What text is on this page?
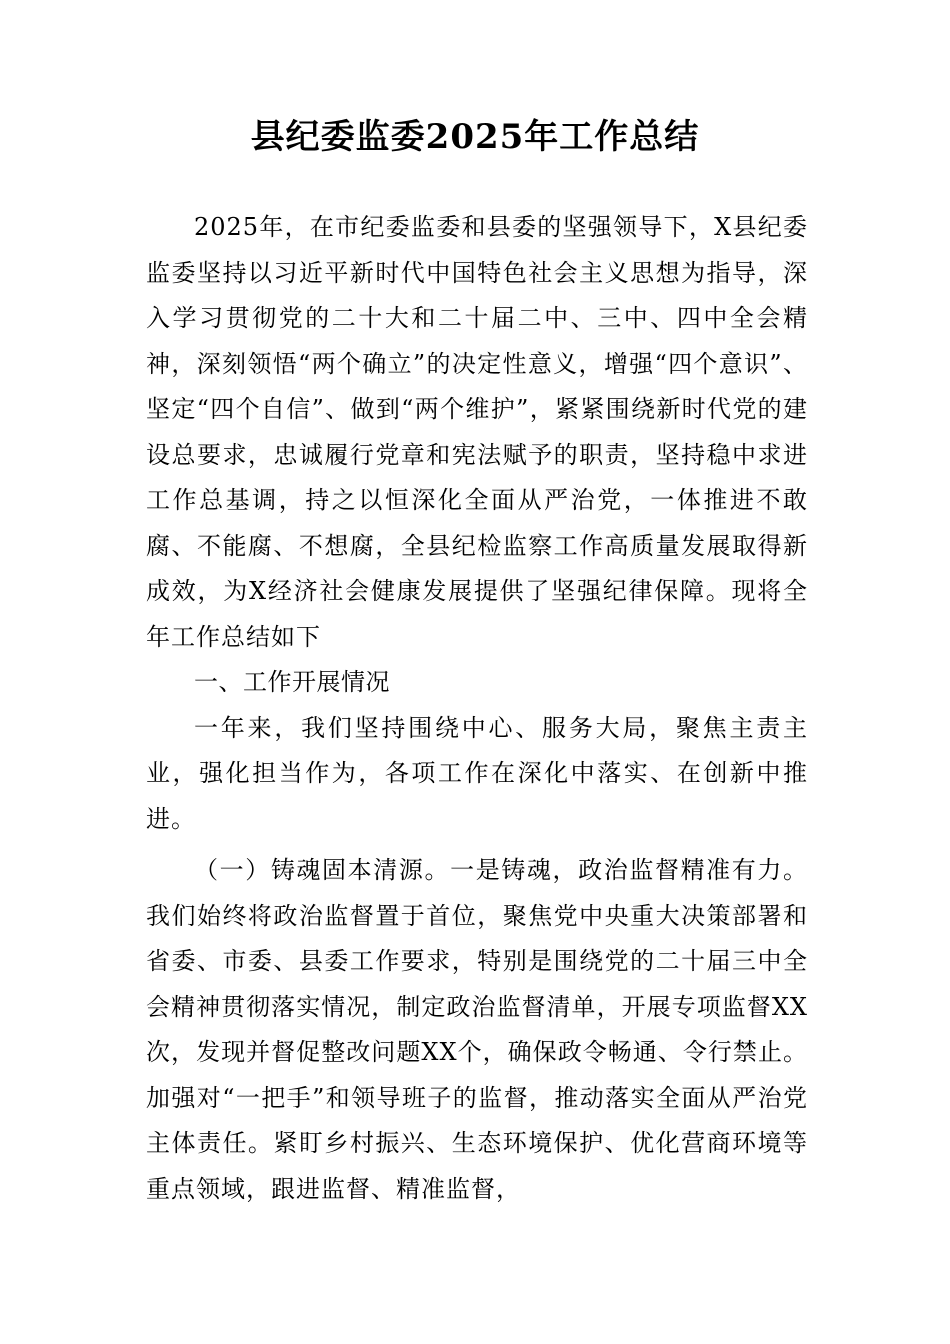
县纪委监委2025年工作总结

2025年，在市纪委监委和县委的坚强领导下，X县纪委监委坚持以习近平新时代中国特色社会主义思想为指导，深入学习贯彻党的二十大和二十届二中、三中、四中全会精神，深刻领悟“两个确立”的决定性意义，增强“四个意识”、坚定“四个自信”、做到“两个维护”，紧紧围绕新时代党的建设总要求，忠诚履行党章和宪法赋予的职责，坚持稳中求进工作总基调，持之以恒深化全面从严治党，一体推进不敢腐、不能腐、不想腐，全县纪检监察工作高质量发展取得新成效，为X经济社会健康发展提供了坚强纪律保障。现将全年工作总结如下

一、工作开展情况

一年来，我们坚持围绕中心、服务大局，聚焦主责主业，强化担当作为，各项工作在深化中落实、在创新中推进。

（一）铸魂固本清源。一是铸魂，政治监督精准有力。我们始终将政治监督置于首位，聚焦党中央重大决策部署和省委、市委、县委工作要求，特别是围绕党的二十届三中全会精神贯彻落实情况，制定政治监督清单，开展专项监督XX次，发现并督促整改问题XX个，确保政令畅通、令行禁止。加强对“一把手”和领导班子的监督，推动落实全面从严治党主体责任。紧盯乡村振兴、生态环境保护、优化营商环境等重点领域，跟进监督、精准监督，
